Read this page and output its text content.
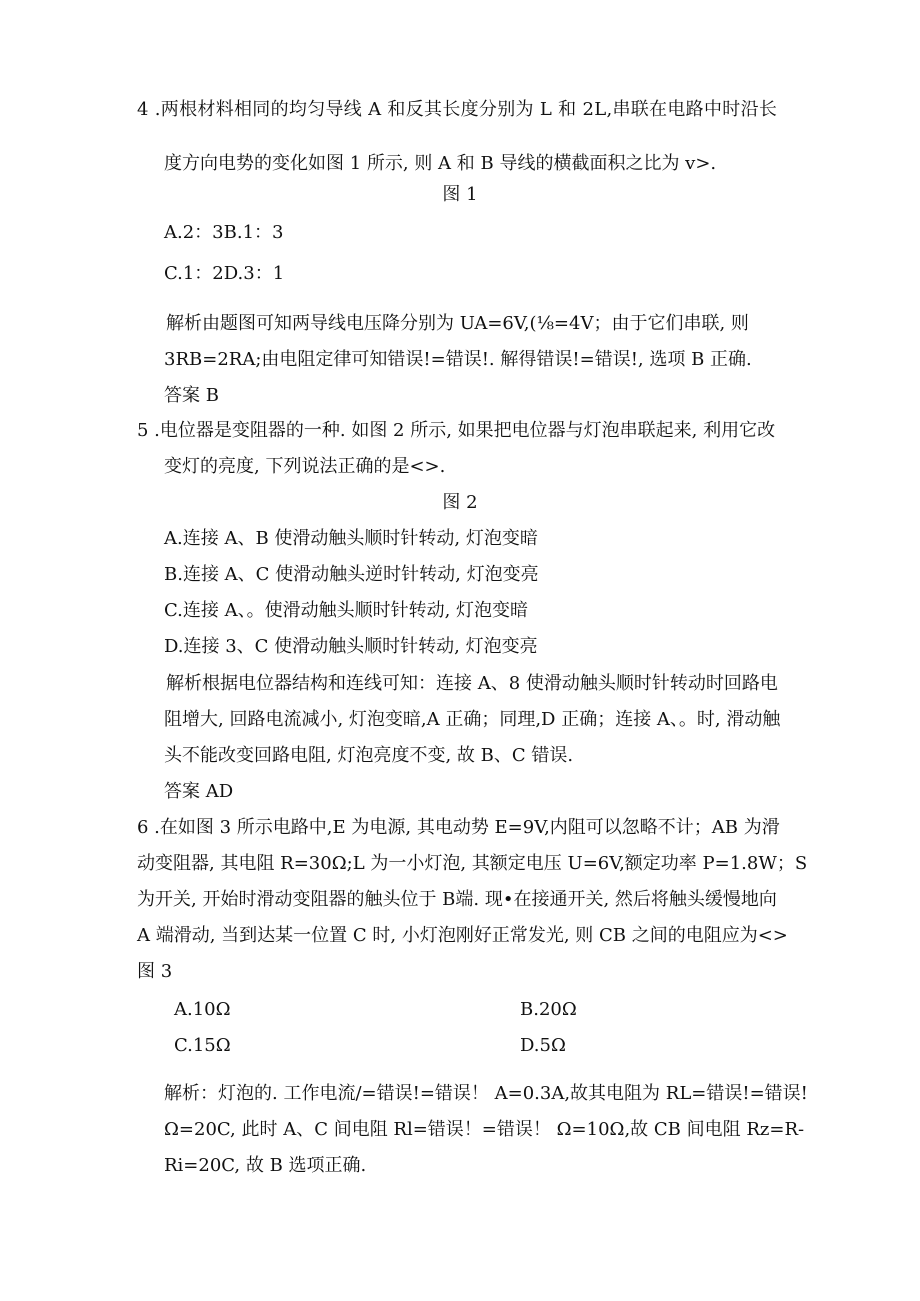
4 .两根材料相同的均匀导线 A 和反其长度分别为 L 和 2L,串联在电路中时沿长
度方向电势的变化如图 1 所示, 则 A 和 B 导线的横截面积之比为 v>.
图 1
A.2：3B.1：3
C.1：2D.3：1
解析由题图可知两导线电压降分别为 UA=6V,(⅛=4V；由于它们串联, 则
3RB=2RA;由电阻定律可知错误!=错误!. 解得错误!=错误!, 选项 B 正确.
答案 B
5 .电位器是变阻器的一种. 如图 2 所示, 如果把电位器与灯泡串联起来, 利用它改
变灯的亮度, 下列说法正确的是<>.
图 2
A.连接 A、B 使滑动触头顺时针转动, 灯泡变暗
B.连接 A、C 使滑动触头逆时针转动, 灯泡变亮
C.连接 A、。使滑动触头顺时针转动, 灯泡变暗
D.连接 3、C 使滑动触头顺时针转动, 灯泡变亮
解析根据电位器结构和连线可知：连接 A、8 使滑动触头顺时针转动时回路电
阻增大, 回路电流减小, 灯泡变暗,A 正确；同理,D 正确；连接 A、。时, 滑动触
头不能改变回路电阻, 灯泡亮度不变, 故 B、C 错误.
答案 AD
6 .在如图 3 所示电路中,E 为电源, 其电动势 E=9V,内阻可以忽略不计；AB 为滑
动变阻器, 其电阻 R=30Ω;L 为一小灯泡, 其额定电压 U=6V,额定功率 P=1.8W；S
为开关, 开始时滑动变阻器的触头位于 B端. 现•在接通开关, 然后将触头缓慢地向
A 端滑动, 当到达某一位置 C 时, 小灯泡刚好正常发光, 则 CB 之间的电阻应为<>
图 3
A.10Ω	B.20Ω
C.15Ω	D.5Ω
解析：灯泡的. 工作电流/=错误!=错误！ A=0.3A,故其电阻为 RL=错误!=错误!
Ω=20C, 此时 A、C 间电阻 Rl=错误！=错误！ Ω=10Ω,故 CB 间电阻 Rz=R-
Ri=20C, 故 B 选项正确.
